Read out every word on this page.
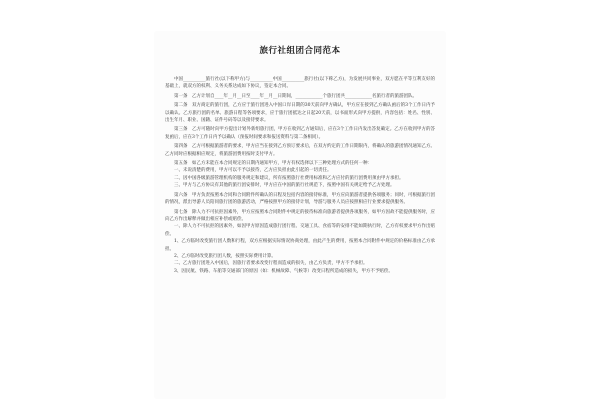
旅行社组团合同范本

中国__________旅行社(以下称甲方)与__________中国__________旅行社(以下称乙方)，为发展共同事业，双方愿在平等互利友好的基础上，就双方的权利、义务关系达成如下协议，签定本合同。

第一条　乙方计划自____年__月__日至____年__月__日期间，____________个旅行团共____________名旅行者的旅游团队。

第二条　双方商定的旅行团，乙方应于旅行团进入中国口岸日期的30天前向甲方确认，甲方应在接到乙方确认函后的3个工作日内予以确认。乙方旅行团的名单、旅游日程等各项要求，应于旅行团抵达之日起20天前，以书面形式向甲方提供，内容包括：姓名、性别、出生年月、职业、国籍、证件号码等以及接待要求。

第三条　乙方可随时向甲方提出计划外新组旅行团，甲方在收到乙方通知后，应在3个工作日内发出答复确定。乙方在收到甲方的答复函后，应在3个工作日内予以确认（预报时间要求和报送资料与第二条相同）。

第四条　乙方可根据旅游者的要求，甲方应当在接到乙方预订要求后，在双方约定的工作日期限内，将确认的旅游团情况通知乙方。乙方同时应根据相应规定，将旅游团费用按时支付甲方。

第五条　如乙方未能在本合同规定的日期内通知甲方，甲方有权选择以下三种处理方式的任何一种：

一、未说清楚的费用，甲方可以不予以接待，乙方应负担由此引起的一切责任。

二、因中国各级旅游管理机构的服务规定和建议，所有按照旅行社费用标准和乙方应付的旅行团费用须由甲方承担。

三、甲方与乙方协议有其他的旅行团安排时，甲方应在中国的旅行社规范下，按照中国有关规定给予乙方处理。

第六条　甲方负责按照本合同和合同附件所确认的日程及包括内容的接待标准，甲方应向旅游者提供各项服务；同时，可根据旅行团的情况，派出导游人员陪同旅行团的旅游活动，严格按照甲方的接待计划，导游与服务人员应按照相应行业要求提供服务。

第七条　除人力不可抗拒因素外，甲方应按照本合同附件中规定的接待标准向旅游者提供各项服务，如甲方因故不能提供服务时，应向乙方作出解释并做出相应补偿或赔偿。

一、除人力不可抗拒的因素外，如因甲方原因造成旅行团行程、交通工具、食宿等的安排不能如期执行时，乙方有权要求甲方作出赔偿。

1、乙方临时改变旅行团人数和行程，双方应根据实际情况协商处理，由此产生的费用，按照本合同附件中规定的价格标准由乙方承担。

2、乙方临时改变旅行团人数，按照实际费用计算。

二、乙方旅行团进入中国后，因旅行者要求改变行程而造成的损失，由乙方负责，甲方不予承担。

3、因民航、铁路、车船等交通部门的原因（如：机械故障、气候等）改变日程所造成的损失，甲方不予赔偿。
